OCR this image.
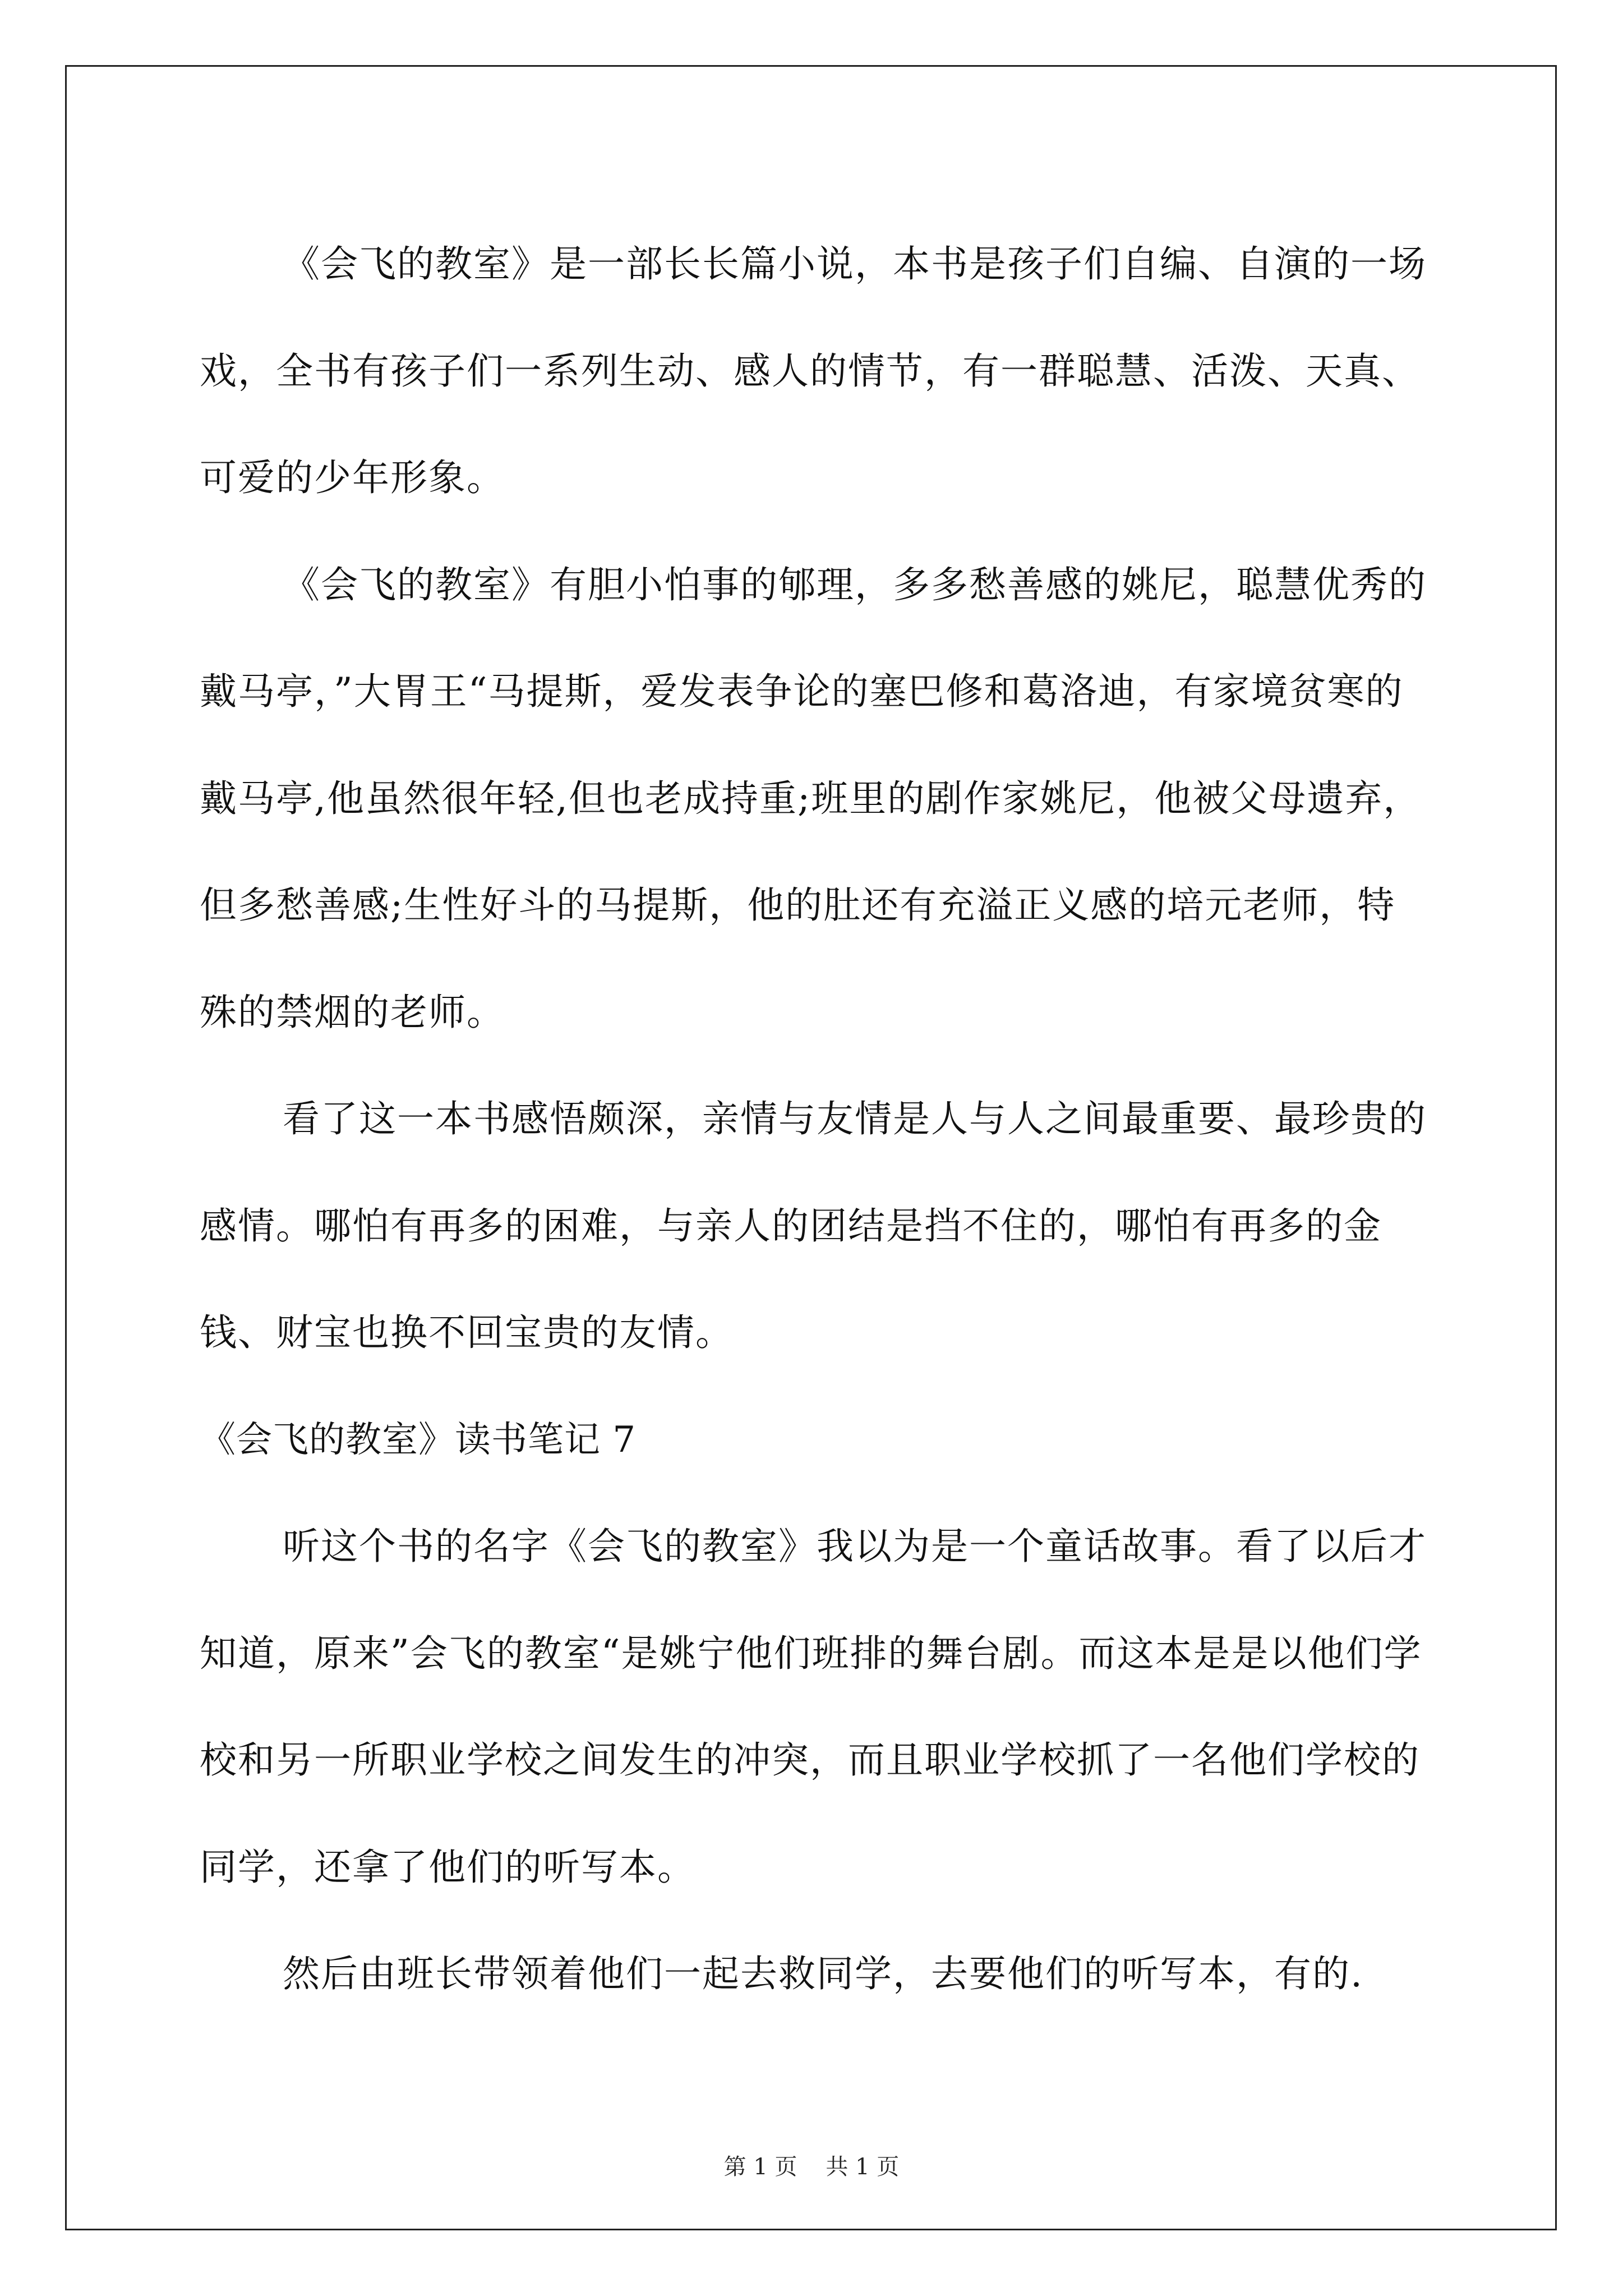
《会飞的教室》是一部长长篇小说，本书是孩子们自编、自演的一场戏，全书有孩子们一系列生动、感人的情节，有一群聪慧、活泼、天真、可爱的少年形象。

《会飞的教室》有胆小怕事的郇理，多多愁善感的姚尼，聪慧优秀的戴马亭，”大胃王“马提斯，爱发表争论的塞巴修和葛洛迪，有家境贫寒的戴马亭,他虽然很年轻,但也老成持重;班里的剧作家姚尼，他被父母遗弃，但多愁善感;生性好斗的马提斯，他的肚还有充溢正义感的培元老师，特殊的禁烟的老师。

看了这一本书感悟颇深，亲情与友情是人与人之间最重要、最珍贵的感情。哪怕有再多的困难，与亲人的团结是挡不住的，哪怕有再多的金钱、财宝也换不回宝贵的友情。

《会飞的教室》读书笔记 7

听这个书的名字《会飞的教室》我以为是一个童话故事。看了以后才知道，原来”会飞的教室“是姚宁他们班排的舞台剧。而这本是是以他们学校和另一所职业学校之间发生的冲突，而且职业学校抓了一名他们学校的同学，还拿了他们的听写本。

然后由班长带领着他们一起去救同学，去要他们的听写本，有的.

第 1 页 共 1 页
